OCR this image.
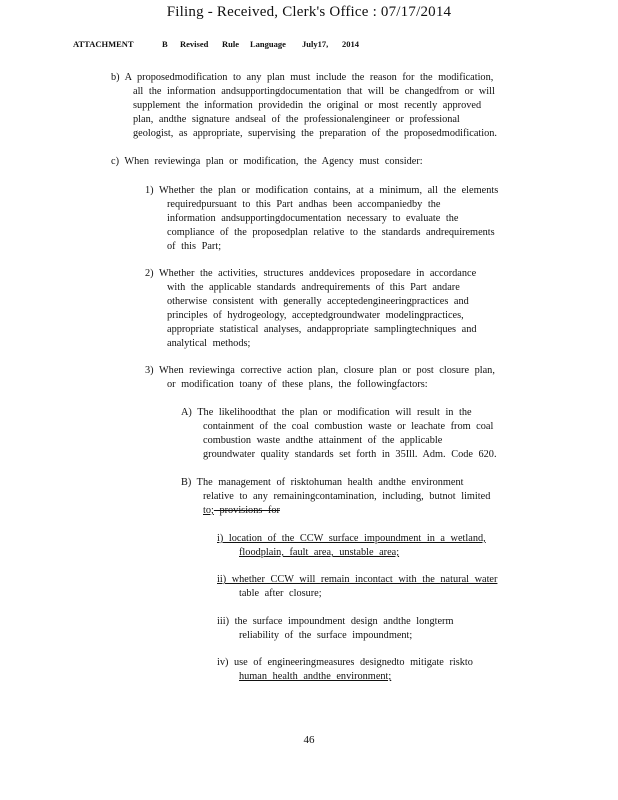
Filing - Received, Clerk's Office : 07/17/2014
ATTACHMENT	B Revised Rule Language July17, 2014
b) A proposedmodification to any plan must include the reason for the modification,
all the information andsupportingdocumentation that will be changedfrom or will
supplement the information providedin the original or most recently approved
plan, andthe signature andseal of the professionalengineer or professional
geologist, as appropriate, supervising the preparation of the proposedmodification.
c) When reviewinga plan or modification, the Agency must consider:
1) Whether the plan or modification contains, at a minimum, all the elements
requiredpursuant to this Part andhas been accompaniedby the
information andsupportingdocumentation necessary to evaluate the
compliance of the proposedplan relative to the standards andrequirements
of this Part;
2) Whether the activities, structures anddevices proposedare in accordance
with the applicable standards andrequirements of this Part andare
otherwise consistent with generally acceptedengineeringpractices and
principles of hydrogeology, acceptedgroundwater modelingpractices,
appropriate statistical analyses, andappropriate samplingtechniques and
analytical methods;
3) When reviewinga corrective action plan, closure plan or post closure plan,
or modification toany of these plans, the followingfactors:
A) The likelihoodthat the plan or modification will result in the
containment of the coal combustion waste or leachate from coal
combustion waste andthe attainment of the applicable
groundwater quality standards set forth in 35Ill. Adm. Code 620.
B) The management of risktohuman health andthe environment
relative to any remainingcontamination, including, butnot limited
to; provisions for
i) location of the CCW surface impoundment in a wetland,
floodplain, fault area, unstable area;
ii) whether CCW will remain incontact with the natural water
table after closure;
iii) the surface impoundment design andthe longterm
reliability of the surface impoundment;
iv) use of engineeringmeasures designedto mitigate riskto
human health andthe environment;
46
